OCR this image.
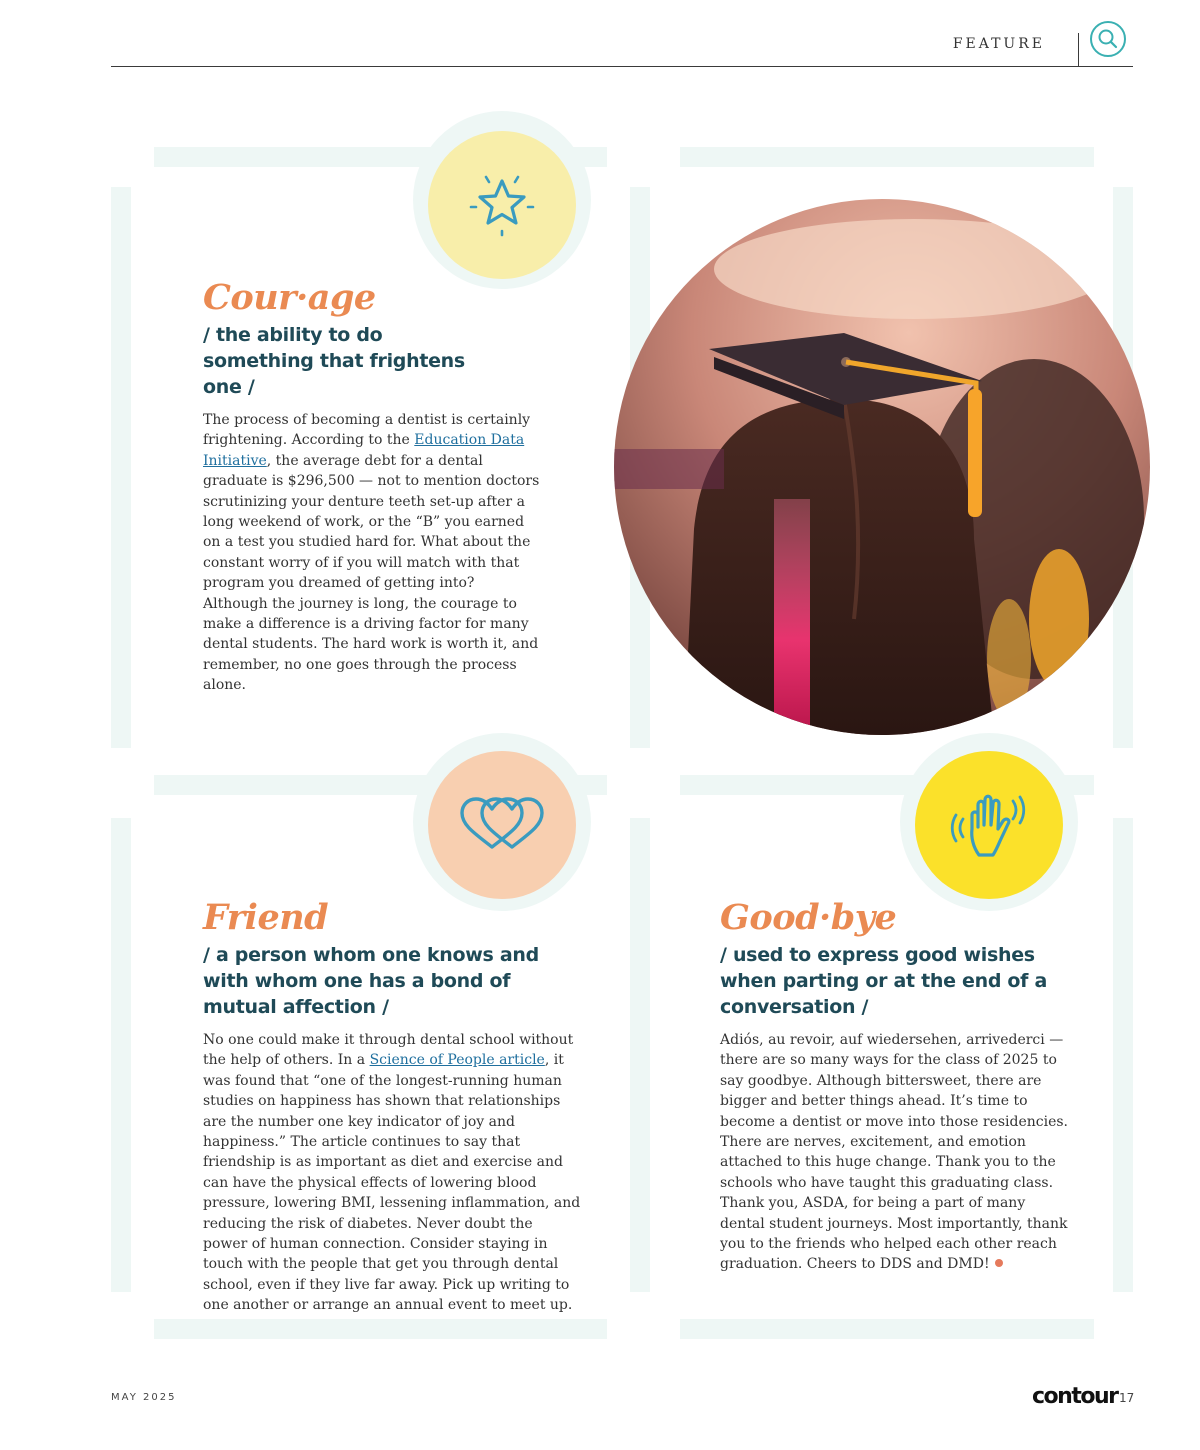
FEATURE
Cour·age

/ the ability to do something that frightens one /

The process of becoming a dentist is certainly frightening. According to the Education Data Initiative, the average debt for a dental graduate is $296,500 — not to mention doctors scrutinizing your denture teeth set-up after a long weekend of work, or the “B” you earned on a test you studied hard for. What about the constant worry of if you will match with that program you dreamed of getting into? Although the journey is long, the courage to make a difference is a driving factor for many dental students. The hard work is worth it, and remember, no one goes through the process alone.

Friend

/ a person whom one knows and with whom one has a bond of mutual affection /

No one could make it through dental school without the help of others. In a Science of People article, it was found that “one of the longest-running human studies on happiness has shown that relationships are the number one key indicator of joy and happiness.” The article continues to say that friendship is as important as diet and exercise and can have the physical effects of lowering blood pressure, lowering BMI, lessening inflammation, and reducing the risk of diabetes. Never doubt the power of human connection. Consider staying in touch with the people that get you through dental school, even if they live far away. Pick up writing to one another or arrange an annual event to meet up.

Good·bye

/ used to express good wishes when parting or at the end of a conversation /

Adiós, au revoir, auf wiedersehen, arrivederci — there are so many ways for the class of 2025 to say goodbye. Although bittersweet, there are bigger and better things ahead. It’s time to become a dentist or move into those residencies. There are nerves, excitement, and emotion attached to this huge change. Thank you to the schools who have taught this graduating class. Thank you, ASDA, for being a part of many dental student journeys. Most importantly, thank you to the friends who helped each other reach graduation. Cheers to DDS and DMD!

MAY 2025	contour 17
